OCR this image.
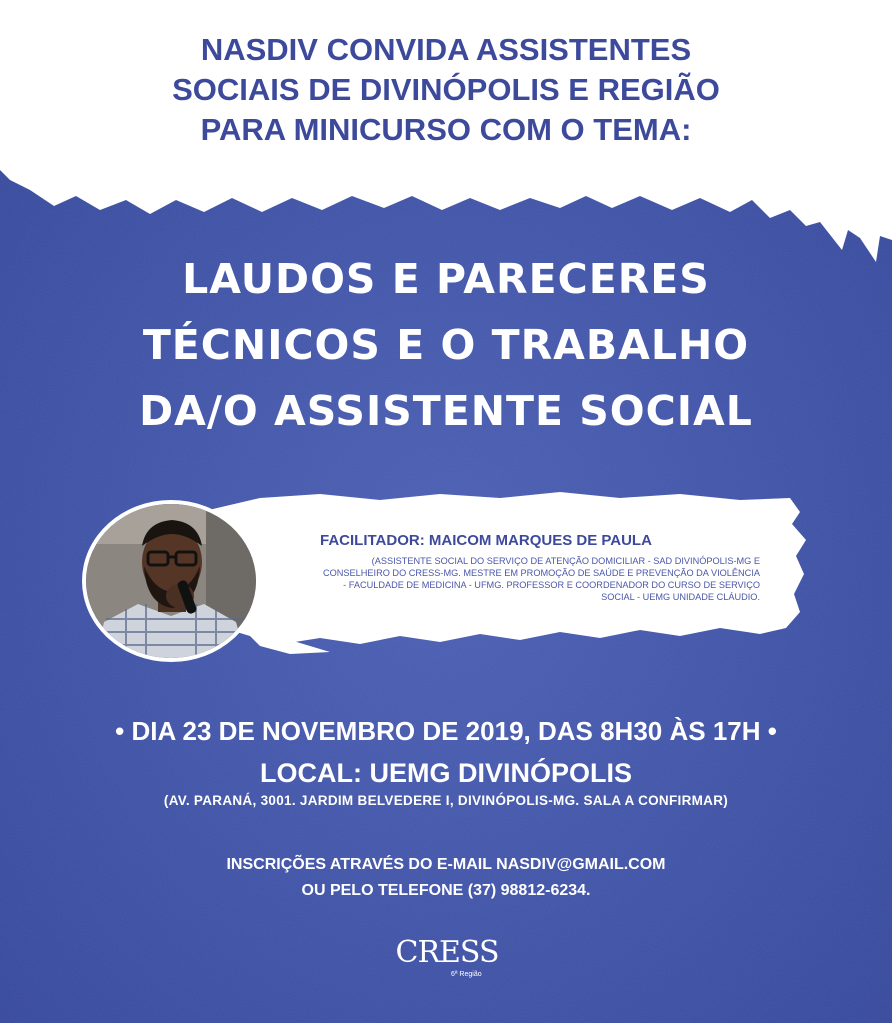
NASDIV CONVIDA ASSISTENTES
SOCIAIS DE DIVINÓPOLIS E REGIÃO
PARA MINICURSO COM O TEMA:
LAUDOS E PARECERES
TÉCNICOS E O TRABALHO
DA/O ASSISTENTE SOCIAL

FACILITADOR: MAICOM MARQUES DE PAULA

(ASSISTENTE SOCIAL DO SERVIÇO DE ATENÇÃO DOMICILIAR - SAD DIVINÓPOLIS-MG E CONSELHEIRO DO CRESS-MG. MESTRE EM PROMOÇÃO DE SAÚDE E PREVENÇÃO DA VIOLÊNCIA - FACULDADE DE MEDICINA - UFMG. PROFESSOR E COORDENADOR DO CURSO DE SERVIÇO SOCIAL - UEMG UNIDADE CLÁUDIO.

• DIA 23 DE NOVEMBRO DE 2019, DAS 8H30 ÀS 17H •

LOCAL: UEMG DIVINÓPOLIS

(AV. PARANÁ, 3001. JARDIM BELVEDERE I, DIVINÓPOLIS-MG. SALA A CONFIRMAR)

INSCRIÇÕES ATRAVÉS DO E-MAIL NASDIV@GMAIL.COM
OU PELO TELEFONE (37) 98812-6234.
CRESS
6ª Região
